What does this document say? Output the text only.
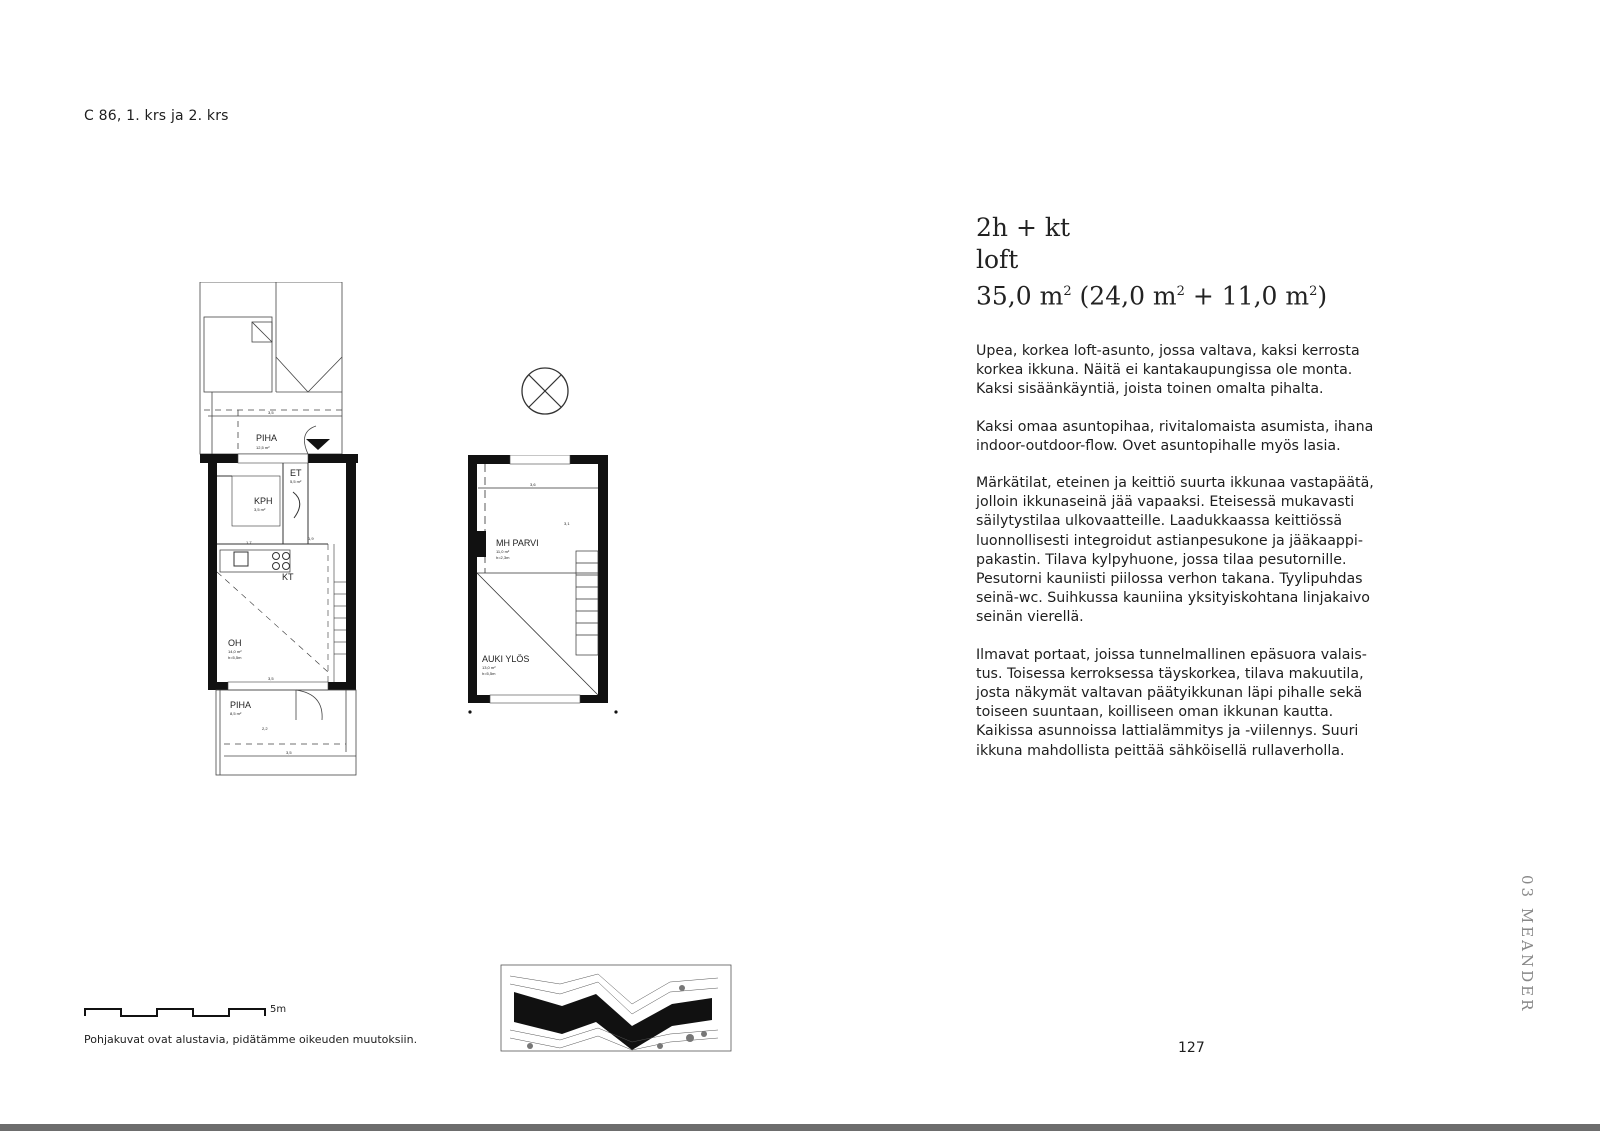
C 86, 1. krs ja 2. krs
PIHA
12,5 m²
3,5
ET
5,5 m²
KPH
3,5 m²
1,7
1,9
KT
OH
14,0 m²
h=5,5m
3,5
PIHA
8,5 m²
2,2
3,5
3,6
3,1
MH PARVI
11,0 m²
h=2,3m
AUKI YLÖS
13,0 m²
h=5,5m
2h + kt
loft
35,0 $m^2$ (24,0 $m^2 + 11,0$ $m^2$)

Upea, korkea loft-asunto, jossa valtava, kaksi kerrosta
korkea ikkuna. Näitä ei kantakaupungissa ole monta.
Kaksi sisäänkäyntiä, joista toinen omalta pihalta.

Kaksi omaa asuntopihaa, rivitalomaista asumista, ihana
indoor-outdoor-flow. Ovet asuntopihalle myös lasia.

Märkätilat, eteinen ja keittiö suurta ikkunaa vastapäätä,
jolloin ikkunaseinä jää vapaaksi. Eteisessä mukavasti
säilytystilaa ulkovaatteille. Laadukkaassa keittiössä
luonnollisesti integroidut astianpesukone ja jääkaappi-
pakastin. Tilava kylpyhuone, jossa tilaa pesutornille.
Pesutorni kauniisti piilossa verhon takana. Tyylipuhdas
seinä-wc. Suihkussa kauniina yksityiskohtana linjakaivo
seinän vierellä.

Ilmavat portaat, joissa tunnelmallinen epäsuora valais-
tus. Toisessa kerroksessa täyskorkea, tilava makuutila,
josta näkymät valtavan päätyikkunan läpi pihalle sekä
toiseen suuntaan, koilliseen oman ikkunan kautta.
Kaikissa asunnoissa lattialämmitys ja -viilennys. Suuri
ikkuna mahdollista peittää sähköisellä rullaverholla.

5m
Pohjakuvat ovat alustavia, pidätämme oikeuden muutoksiin.
127
03 MEANDER
